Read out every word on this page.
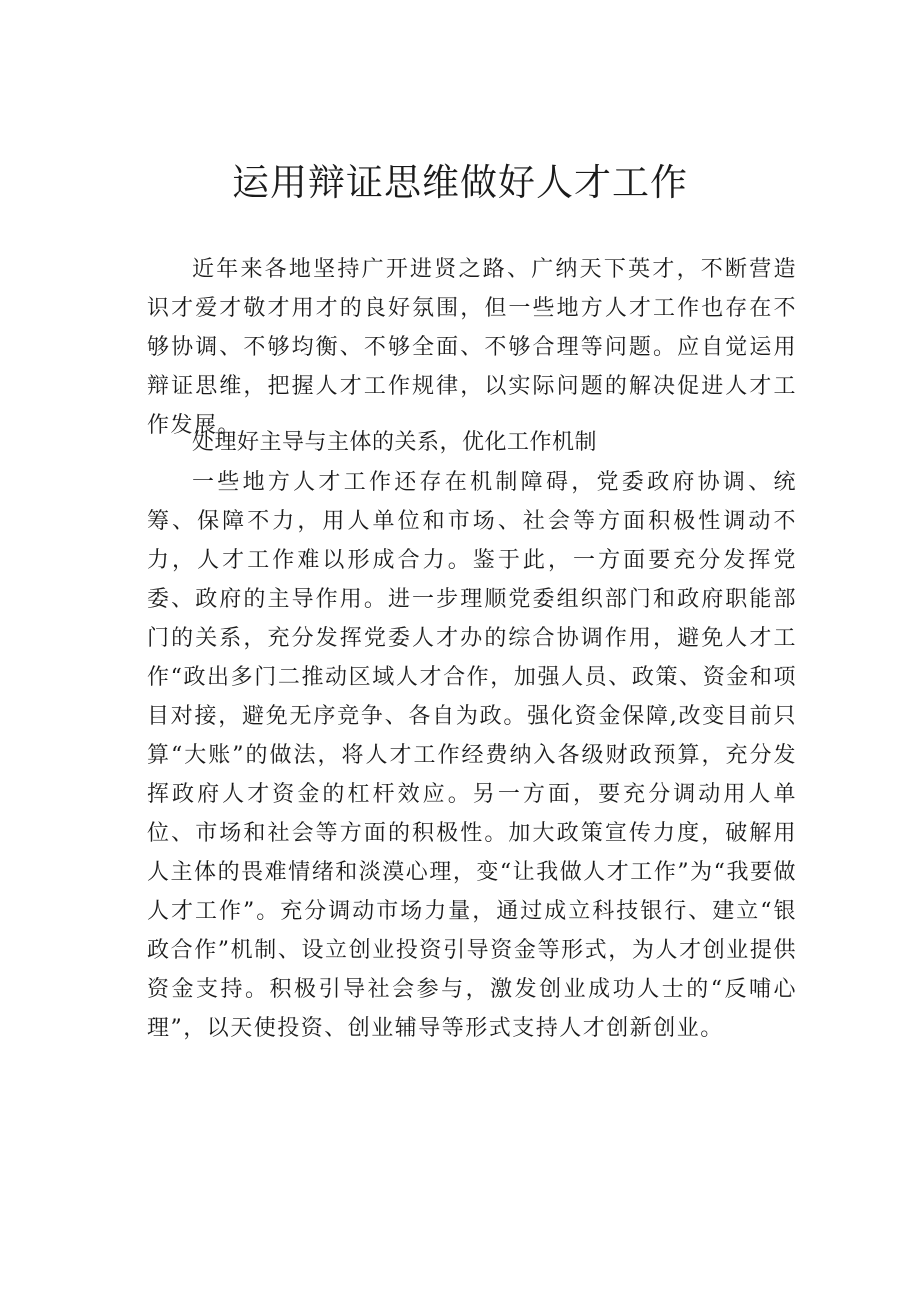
运用辩证思维做好人才工作

近年来各地坚持广开进贤之路、广纳天下英才，不断营造识才爱才敬才用才的良好氛围，但一些地方人才工作也存在不够协调、不够均衡、不够全面、不够合理等问题。应自觉运用辩证思维，把握人才工作规律，以实际问题的解决促进人才工作发展。

处理好主导与主体的关系，优化工作机制

一些地方人才工作还存在机制障碍，党委政府协调、统筹、保障不力，用人单位和市场、社会等方面积极性调动不力，人才工作难以形成合力。鉴于此，一方面要充分发挥党委、政府的主导作用。进一步理顺党委组织部门和政府职能部门的关系，充分发挥党委人才办的综合协调作用，避免人才工作“政出多门二推动区域人才合作，加强人员、政策、资金和项目对接，避免无序竞争、各自为政。强化资金保障,改变目前只算“大账”的做法，将人才工作经费纳入各级财政预算，充分发挥政府人才资金的杠杆效应。另一方面，要充分调动用人单位、市场和社会等方面的积极性。加大政策宣传力度，破解用人主体的畏难情绪和淡漠心理，变“让我做人才工作”为“我要做人才工作”。充分调动市场力量，通过成立科技银行、建立“银政合作”机制、设立创业投资引导资金等形式，为人才创业提供资金支持。积极引导社会参与，激发创业成功人士的“反哺心理”，以天使投资、创业辅导等形式支持人才创新创业。
